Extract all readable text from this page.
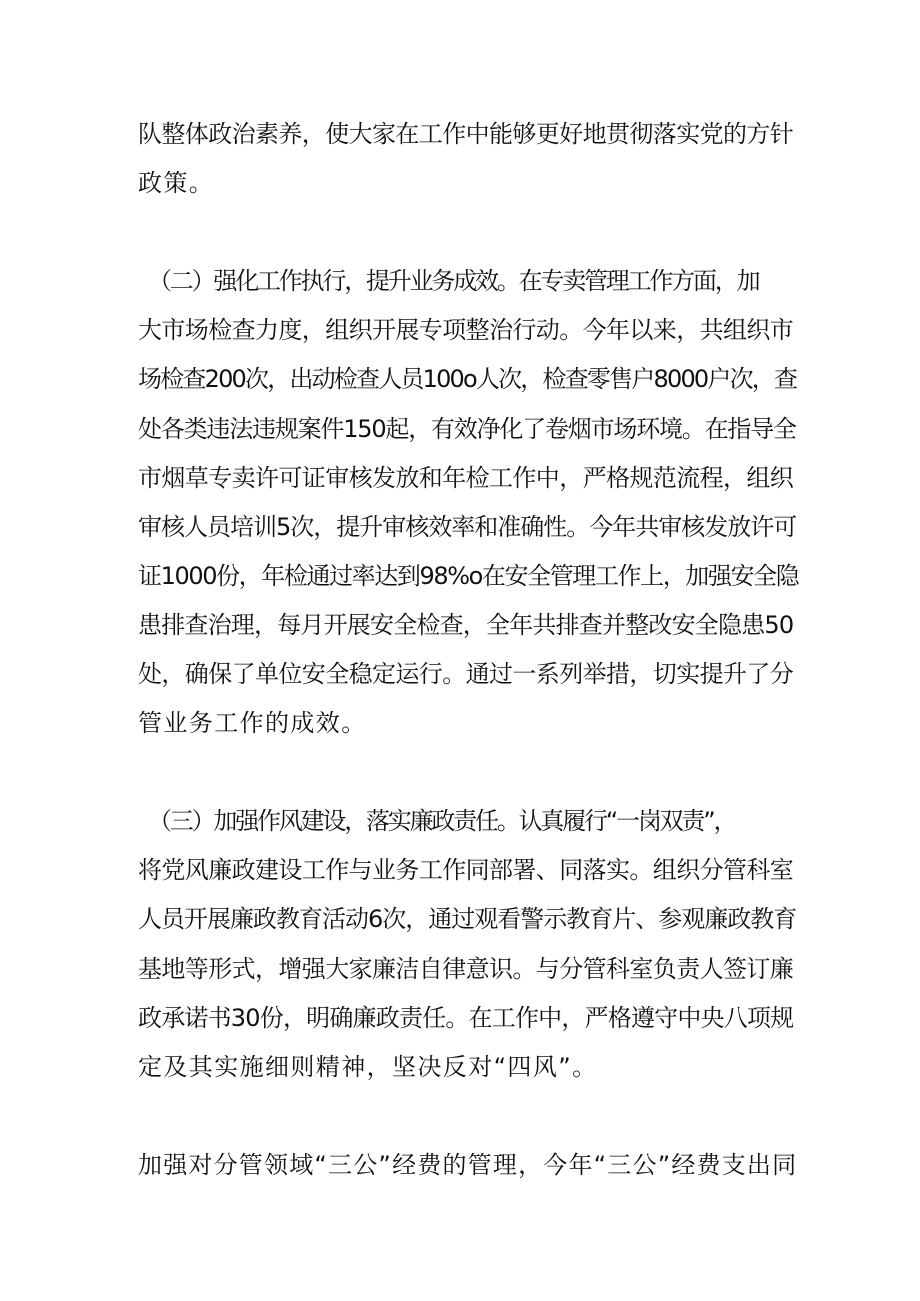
队整体政治素养，使大家在工作中能够更好地贯彻落实党的方针
政策。
（二）强化工作执行，提升业务成效。在专卖管理工作方面，加
大市场检查力度，组织开展专项整治行动。今年以来，共组织市
场检查200次，出动检查人员100o人次，检查零售户8000户次，查
处各类违法违规案件150起，有效净化了卷烟市场环境。在指导全
市烟草专卖许可证审核发放和年检工作中，严格规范流程，组织
审核人员培训5次，提升审核效率和准确性。今年共审核发放许可
证1000份，年检通过率达到98%o在安全管理工作上，加强安全隐
患排查治理，每月开展安全检查，全年共排查并整改安全隐患50
处，确保了单位安全稳定运行。通过一系列举措，切实提升了分
管业务工作的成效。
（三）加强作风建设，落实廉政责任。认真履行“一岗双责”，
将党风廉政建设工作与业务工作同部署、同落实。组织分管科室
人员开展廉政教育活动6次，通过观看警示教育片、参观廉政教育
基地等形式，增强大家廉洁自律意识。与分管科室负责人签订廉
政承诺书30份，明确廉政责任。在工作中，严格遵守中央八项规
定及其实施细则精神，坚决反对“四风”。
加强对分管领域“三公”经费的管理，今年“三公”经费支出同
